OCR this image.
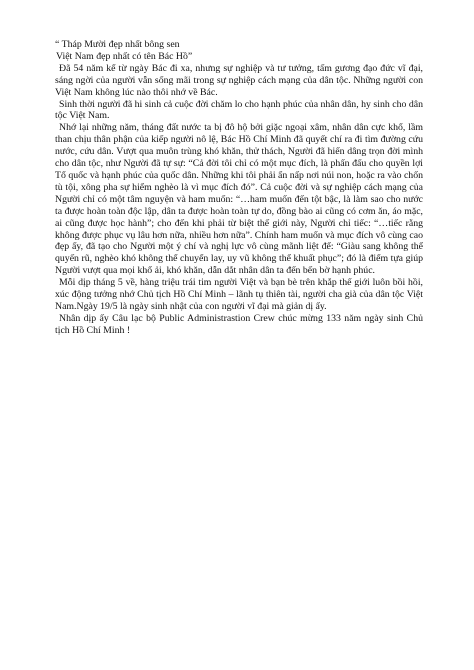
“ Tháp Mười đẹp nhất bông sen

Việt Nam đẹp nhất có tên Bác Hồ”

Đã 54 năm kể từ ngày Bác đi xa, nhưng sự nghiệp và tư tưởng, tấm gương đạo đức vĩ đại, sáng ngời của người vẫn sống mãi trong sự nghiệp cách mạng của dân tộc. Những người con Việt Nam không lúc nào thôi nhớ về Bác.

Sinh thời người đã hi sinh cả cuộc đời chăm lo cho hạnh phúc của nhân dân, hy sinh cho dân tộc Việt Nam.

Nhớ lại những năm, tháng đất nước ta bị đô hộ bởi giặc ngoại xâm, nhân dân cực khổ, lầm than chịu thân phận của kiếp người nô lệ, Bác Hồ Chí Minh đã quyết chí ra đi tìm đường cứu nước, cứu dân. Vượt qua muôn trùng khó khăn, thử thách, Người đã hiến dâng trọn đời mình cho dân tộc, như Người đã tự sự: “Cả đời tôi chỉ có một mục đích, là phấn đấu cho quyền lợi Tổ quốc và hạnh phúc của quốc dân. Những khi tôi phải ẩn nấp nơi núi non, hoặc ra vào chốn tù tội, xông pha sự hiểm nghèo là vì mục đích đó”. Cả cuộc đời và sự nghiệp cách mạng của Người chỉ có một tâm nguyện và ham muốn: “…ham muốn đến tột bậc, là làm sao cho nước ta được hoàn toàn độc lập, dân ta được hoàn toàn tự do, đồng bào ai cũng có cơm ăn, áo mặc, ai cũng được học hành”; cho đến khi phải từ biệt thế giới này, Người chỉ tiếc: “…tiếc rằng không được phục vụ lâu hơn nữa, nhiều hơn nữa”. Chính ham muốn và mục đích vô cùng cao đẹp ấy, đã tạo cho Người một ý chí và nghị lực vô cùng mãnh liệt để: “Giàu sang không thể quyến rũ, nghèo khó không thể chuyển lay, uy vũ không thể khuất phục”; đó là điểm tựa giúp Người vượt qua mọi khổ ải, khó khăn, dẫn dắt nhân dân ta đến bến bờ hạnh phúc.

Mỗi dịp tháng 5 về, hàng triệu trái tim người Việt và bạn bè trên khắp thế giới luôn bồi hồi, xúc động tưởng nhớ Chủ tịch Hồ Chí Minh – lãnh tụ thiên tài, người cha già của dân tộc Việt Nam.Ngày 19/5 là ngày sinh nhật của con người vĩ đại mà giản dị ấy.

Nhân dịp ấy Câu lạc bộ Public Administrastion Crew chúc mừng 133 năm ngày sinh Chủ tịch Hồ Chí Minh !
